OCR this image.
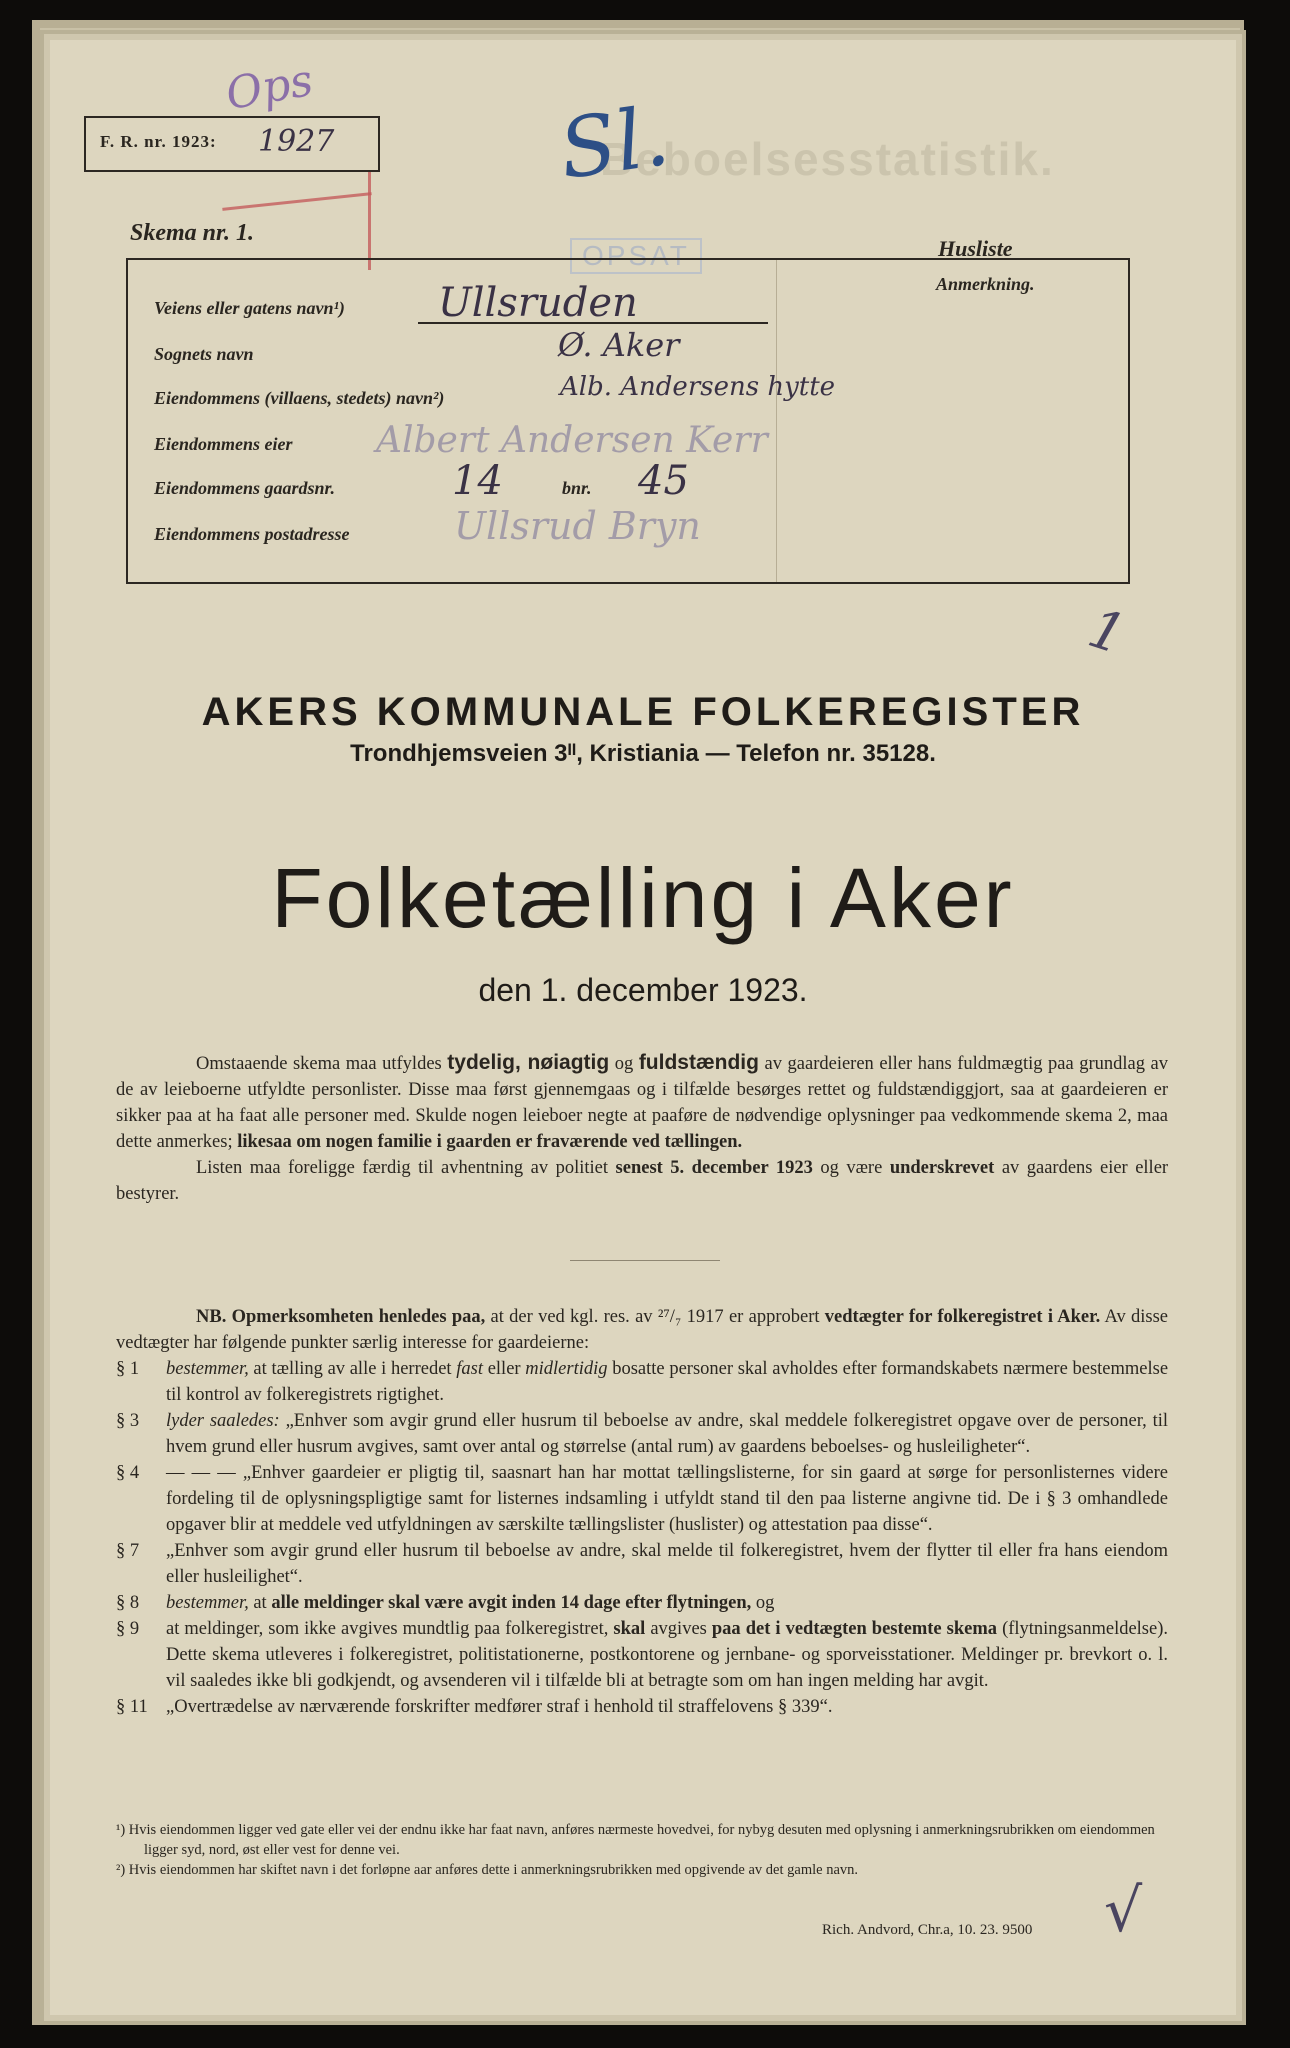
Beboelsesstatistik.
Ops
F. R. nr. 1923: 1927	Sl.
OPSAT
Skema nr. 1.
Husliste
Anmerkning.
Veiens eller gatens navn¹) Ullsruden
Sognets navn	Ø. Aker
Eiendommens (villaens, stedets) navn²)	Alb. Andersens hytte
Eiendommens eier Albert Andersen Kerr
Eiendommens gaardsnr.	14	bnr. 45
Eiendommens postadresse	Ullsrud Bryn
1
AKERS KOMMUNALE FOLKEREGISTER
Trondhjemsveien 3ᴵᴵ, Kristiania — Telefon nr. 35128.
Folketælling i Aker
den 1. december 1923.

Omstaaende skema maa utfyldes tydelig, nøiagtig og fuldstændig av gaardeieren eller hans fuldmægtig paa grundlag av de av leieboerne utfyldte personlister. Disse maa først gjennemgaas og i tilfælde besørges rettet og fuldstændiggjort, saa at gaardeieren er sikker paa at ha faat alle personer med. Skulde nogen leieboer negte at paaføre de nødvendige oplysninger paa vedkommende skema 2, maa dette anmerkes; likesaa om nogen familie i gaarden er fraværende ved tællingen.

Listen maa foreligge færdig til avhentning av politiet senest 5. december 1923 og være underskrevet av gaardens eier eller bestyrer.

NB. Opmerksomheten henledes paa, at der ved kgl. res. av ²⁷/₇ 1917 er approbert vedtægter for folkeregistret i Aker. Av disse vedtægter har følgende punkter særlig interesse for gaardeierne:

§ 1 bestemmer, at tælling av alle i herredet fast eller midlertidig bosatte personer skal avholdes efter formandskabets nærmere bestemmelse til kontrol av folkeregistrets rigtighet.
§ 3 lyder saaledes: „Enhver som avgir grund eller husrum til beboelse av andre, skal meddele folkeregistret opgave over de personer, til hvem grund eller husrum avgives, samt over antal og størrelse (antal rum) av gaardens beboelses- og husleiligheter“.
§ 4 — — — „Enhver gaardeier er pligtig til, saasnart han har mottat tællingslisterne, for sin gaard at sørge for personlisternes videre fordeling til de oplysningspligtige samt for listernes indsamling i utfyldt stand til den paa listerne angivne tid. De i § 3 omhandlede opgaver blir at meddele ved utfyldningen av særskilte tællingslister (huslister) og attestation paa disse“.
§ 7 „Enhver som avgir grund eller husrum til beboelse av andre, skal melde til folkeregistret, hvem der flytter til eller fra hans eiendom eller husleilighet“.
§ 8 bestemmer, at alle meldinger skal være avgit inden 14 dage efter flytningen, og
§ 9 at meldinger, som ikke avgives mundtlig paa folkeregistret, skal avgives paa det i vedtægten bestemte skema (flytningsanmeldelse). Dette skema utleveres i folkeregistret, politistationerne, postkontorene og jernbane- og sporveisstationer. Meldinger pr. brevkort o. l. vil saaledes ikke bli godkjendt, og avsenderen vil i tilfælde bli at betragte som om han ingen melding har avgit.
§ 11 „Overtrædelse av nærværende forskrifter medfører straf i henhold til straffelovens § 339“.
¹) Hvis eiendommen ligger ved gate eller vei der endnu ikke har faat navn, anføres nærmeste hovedvei, for nybyg desuten med oplysning i anmerkningsrubrikken om eiendommen ligger syd, nord, øst eller vest for denne vei.
²) Hvis eiendommen har skiftet navn i det forløpne aar anføres dette i anmerkningsrubrikken med opgivende av det gamle navn.
Rich. Andvord, Chr.a, 10. 23. 9500 √
